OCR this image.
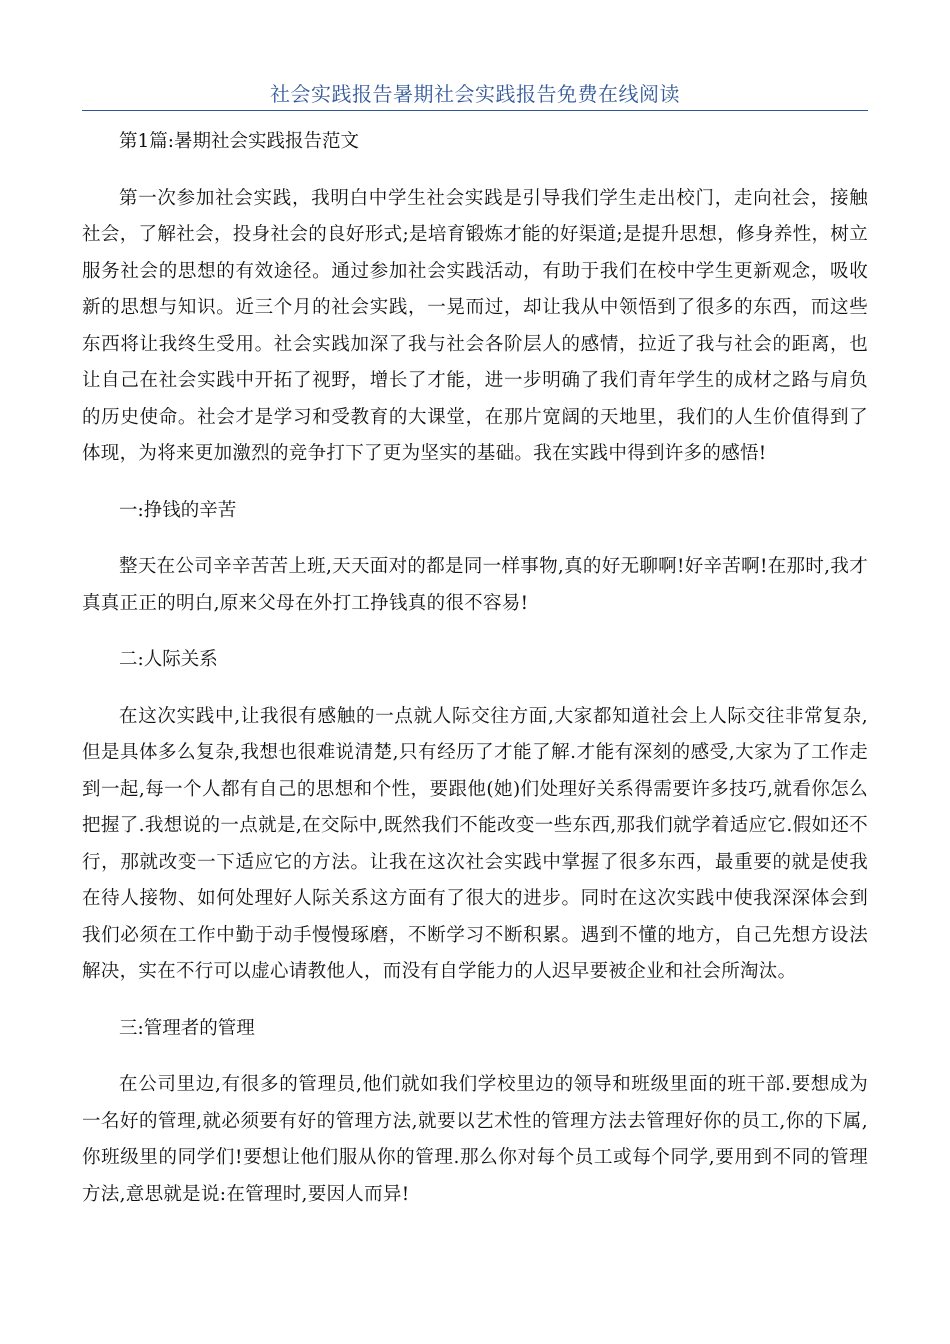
社会实践报告暑期社会实践报告免费在线阅读

第1篇:暑期社会实践报告范文

第一次参加社会实践，我明白中学生社会实践是引导我们学生走出校门，走向社会，接触社会，了解社会，投身社会的良好形式;是培育锻炼才能的好渠道;是提升思想，修身养性，树立服务社会的思想的有效途径。通过参加社会实践活动，有助于我们在校中学生更新观念，吸收新的思想与知识。近三个月的社会实践，一晃而过，却让我从中领悟到了很多的东西，而这些东西将让我终生受用。社会实践加深了我与社会各阶层人的感情，拉近了我与社会的距离，也让自己在社会实践中开拓了视野，增长了才能，进一步明确了我们青年学生的成材之路与肩负的历史使命。社会才是学习和受教育的大课堂，在那片宽阔的天地里，我们的人生价值得到了体现，为将来更加激烈的竞争打下了更为坚实的基础。我在实践中得到许多的感悟!

一:挣钱的辛苦

整天在公司辛辛苦苦上班,天天面对的都是同一样事物,真的好无聊啊!好辛苦啊!在那时,我才真真正正的明白,原来父母在外打工挣钱真的很不容易!

二:人际关系

在这次实践中,让我很有感触的一点就人际交往方面,大家都知道社会上人际交往非常复杂,但是具体多么复杂,我想也很难说清楚,只有经历了才能了解.才能有深刻的感受,大家为了工作走到一起,每一个人都有自己的思想和个性，要跟他(她)们处理好关系得需要许多技巧,就看你怎么把握了.我想说的一点就是,在交际中,既然我们不能改变一些东西,那我们就学着适应它.假如还不行，那就改变一下适应它的方法。让我在这次社会实践中掌握了很多东西，最重要的就是使我在待人接物、如何处理好人际关系这方面有了很大的进步。同时在这次实践中使我深深体会到我们必须在工作中勤于动手慢慢琢磨，不断学习不断积累。遇到不懂的地方，自己先想方设法解决，实在不行可以虚心请教他人，而没有自学能力的人迟早要被企业和社会所淘汰。

三:管理者的管理

在公司里边,有很多的管理员,他们就如我们学校里边的领导和班级里面的班干部.要想成为一名好的管理,就必须要有好的管理方法,就要以艺术性的管理方法去管理好你的员工,你的下属,你班级里的同学们!要想让他们服从你的管理.那么你对每个员工或每个同学,要用到不同的管理方法,意思就是说:在管理时,要因人而异!
